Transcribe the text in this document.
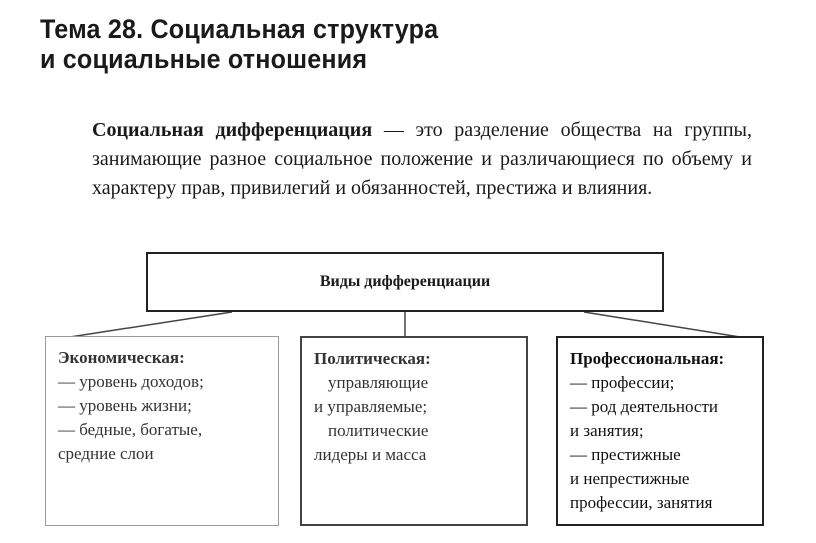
Тема 28. Социальная структура
и социальные отношения

Социальная дифференциация — это разделение общества на группы, занимающие разное социальное положение и различающиеся по объему и характеру прав, привилегий и обязанностей, престижа и влияния.

Виды дифференциации
Экономическая:
— уровень доходов;
— уровень жизни;
— бедные, богатые,
средние слои
Политическая:
управляющие
и управляемые;
политические
лидеры и масса
Профессиональная:
— профессии;
— род деятельности
и занятия;
— престижные
и непрестижные
профессии, занятия
